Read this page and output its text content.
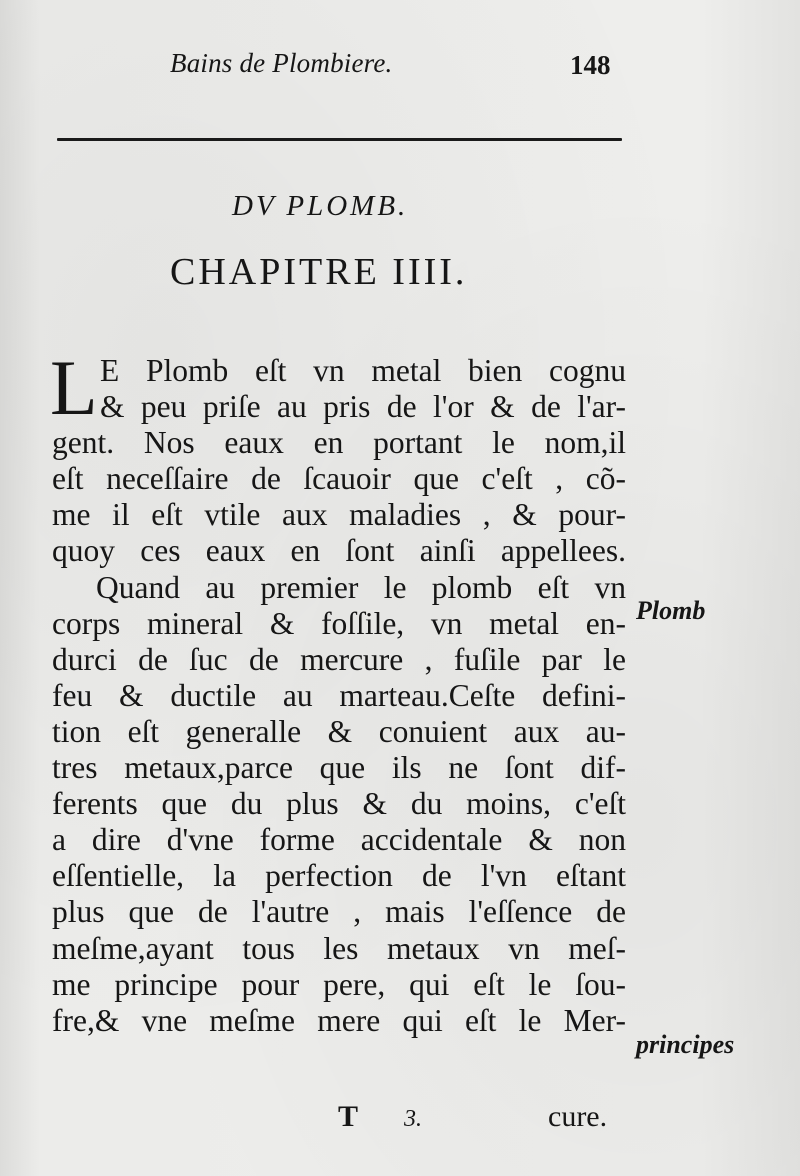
Bains de Plombiere.	148
DV PLOMB.
CHAPITRE IIII.
L E Plomb eſt vn metal bien cognu
& peu priſe au pris de l'or & de l'ar-
gent. Nos eaux en portant le nom,il
eſt neceſſaire de ſcauoir que c'eſt , cõ-
me il eſt vtile aux maladies , & pour-
quoy ces eaux en ſont ainſi appellees.
Quand au premier le plomb eſt vn
corps mineral & foſſile, vn metal en-
durci de ſuc de mercure , fuſile par le
feu & ductile au marteau.Ceſte defini-
tion eſt generalle & conuient aux au-
tres metaux,parce que ils ne ſont dif-
ferents que du plus & du moins, c'eſt
a dire d'vne forme accidentale & non
eſſentielle, la perfection de l'vn eſtant
plus que de l'autre , mais l'eſſence de
meſme,ayant tous les metaux vn meſ-
me principe pour pere, qui eſt le ſou-
fre,& vne meſme mere qui eſt le Mer-
Plomb
principes
T 3.	cure.
